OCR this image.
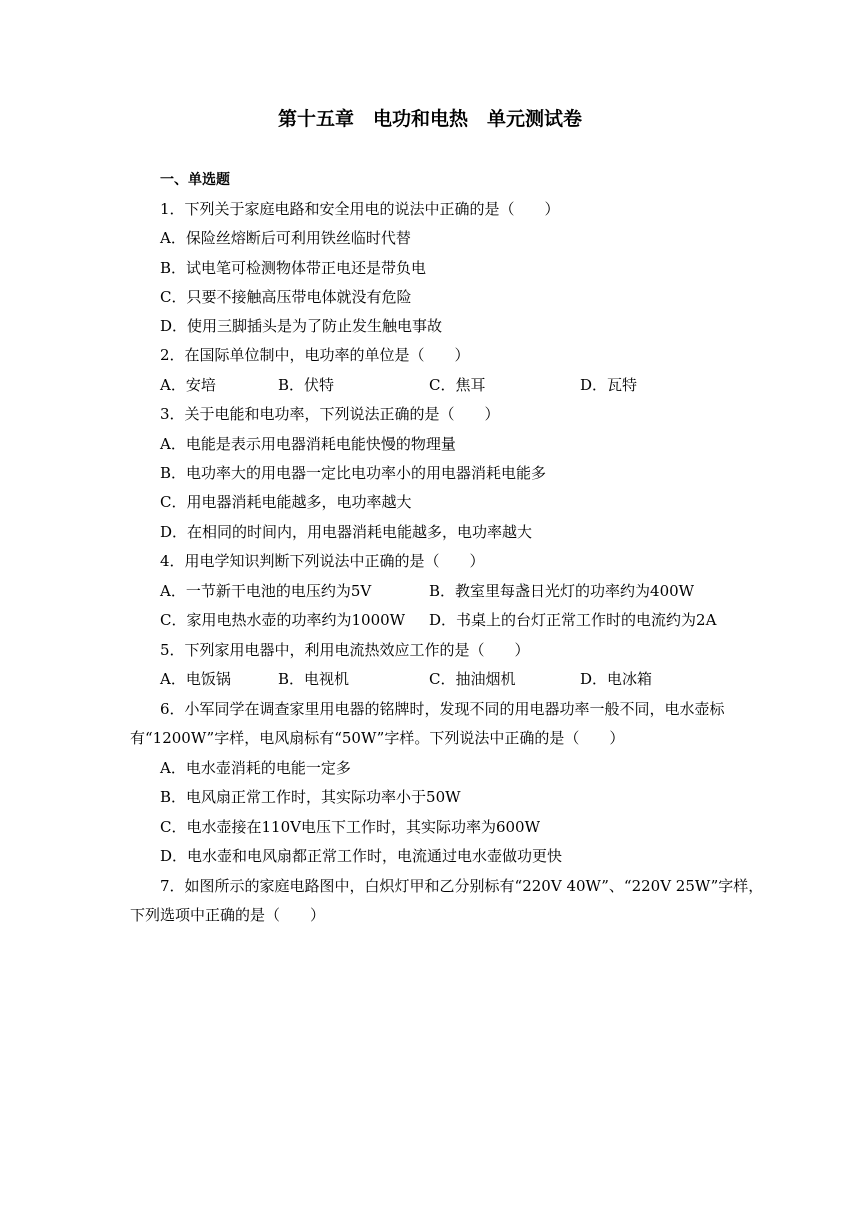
第十五章　电功和电热　单元测试卷
一、单选题
1．下列关于家庭电路和安全用电的说法中正确的是（　　）
A．保险丝熔断后可利用铁丝临时代替
B．试电笔可检测物体带正电还是带负电
C．只要不接触高压带电体就没有危险
D．使用三脚插头是为了防止发生触电事故
2．在国际单位制中，电功率的单位是（　　）
A．安培	B．伏特	C．焦耳	D．瓦特
3．关于电能和电功率，下列说法正确的是（　　）
A．电能是表示用电器消耗电能快慢的物理量
B．电功率大的用电器一定比电功率小的用电器消耗电能多
C．用电器消耗电能越多，电功率越大
D．在相同的时间内，用电器消耗电能越多，电功率越大
4．用电学知识判断下列说法中正确的是（　　）
A．一节新干电池的电压约为5V	B．教室里每盏日光灯的功率约为400W
C．家用电热水壶的功率约为1000W D．书桌上的台灯正常工作时的电流约为2A
5．下列家用电器中，利用电流热效应工作的是（　　）
A．电饭锅	B．电视机	C．抽油烟机	D．电冰箱
6．小军同学在调查家里用电器的铭牌时，发现不同的用电器功率一般不同，电水壶标
有“1200W”字样，电风扇标有“50W”字样。下列说法中正确的是（　　）
A．电水壶消耗的电能一定多
B．电风扇正常工作时，其实际功率小于50W
C．电水壶接在110V电压下工作时，其实际功率为600W
D．电水壶和电风扇都正常工作时，电流通过电水壶做功更快
7．如图所示的家庭电路图中，白炽灯甲和乙分别标有“220V 40W”、“220V 25W”字样，
下列选项中正确的是（　　）
